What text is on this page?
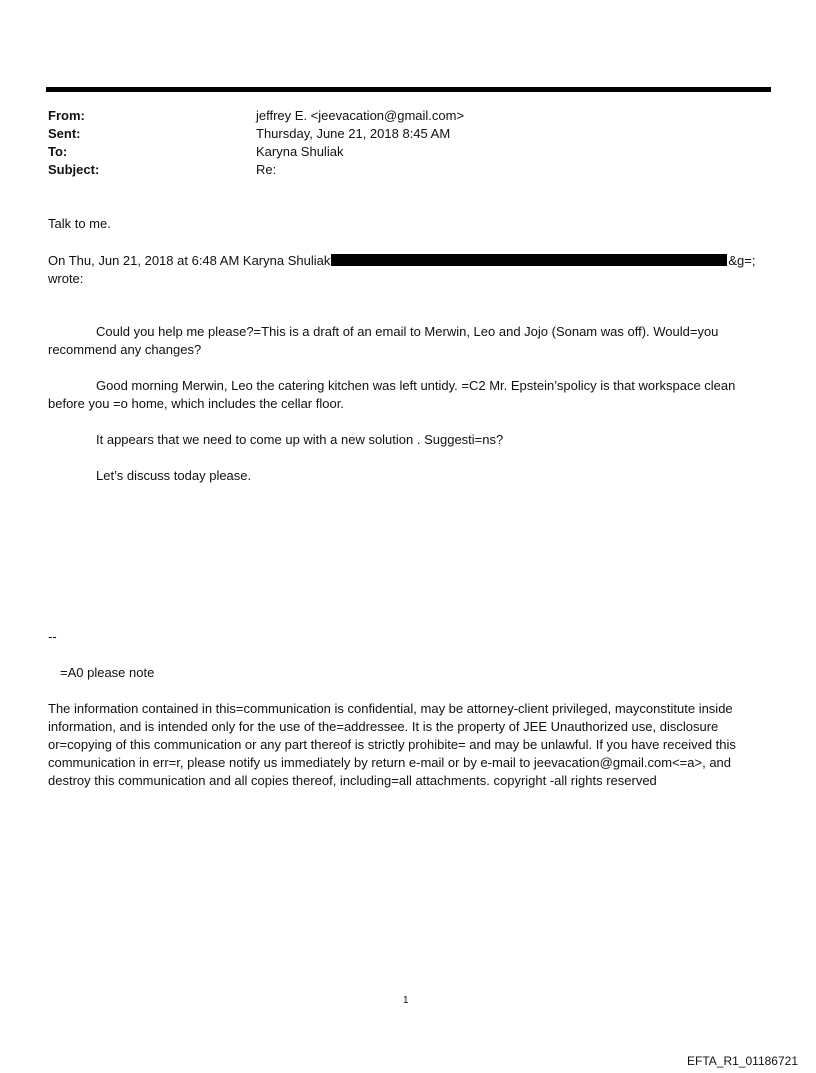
From:	jeffrey E. <jeevacation@gmail.com>
Sent:	Thursday, June 21, 2018 8:45 AM
To:	Karyna Shuliak
Subject:	Re:
Talk to me.
On Thu, Jun 21, 2018 at 6:48 AM Karyna Shuliak	&g=;
wrote:
Could you help me please?=This is a draft of an email to Merwin, Leo and Jojo (Sonam was off). Would=you recommend any changes?
Good morning Merwin, Leo the catering kitchen was left untidy. =C2 Mr. Epstein’spolicy is that workspace clean before you =o home, which includes the cellar floor.
It appears that we need to come up with a new solution . Suggesti=ns?
Let’s discuss today please.
--
=A0 please note
The information contained in this=communication is confidential, may be attorney-client privileged, mayconstitute inside information, and is intended only for the use of the=addressee. It is the property of JEE Unauthorized use, disclosure or=copying of this communication or any part thereof is strictly prohibite= and may be unlawful. If you have received this communication in err=r, please notify us immediately by return e-mail or by e-mail to jeevacation@gmail.com<=a>, and destroy this communication and all copies thereof, including=all attachments. copyright -all rights reserved
1
EFTA_R1_01186721
